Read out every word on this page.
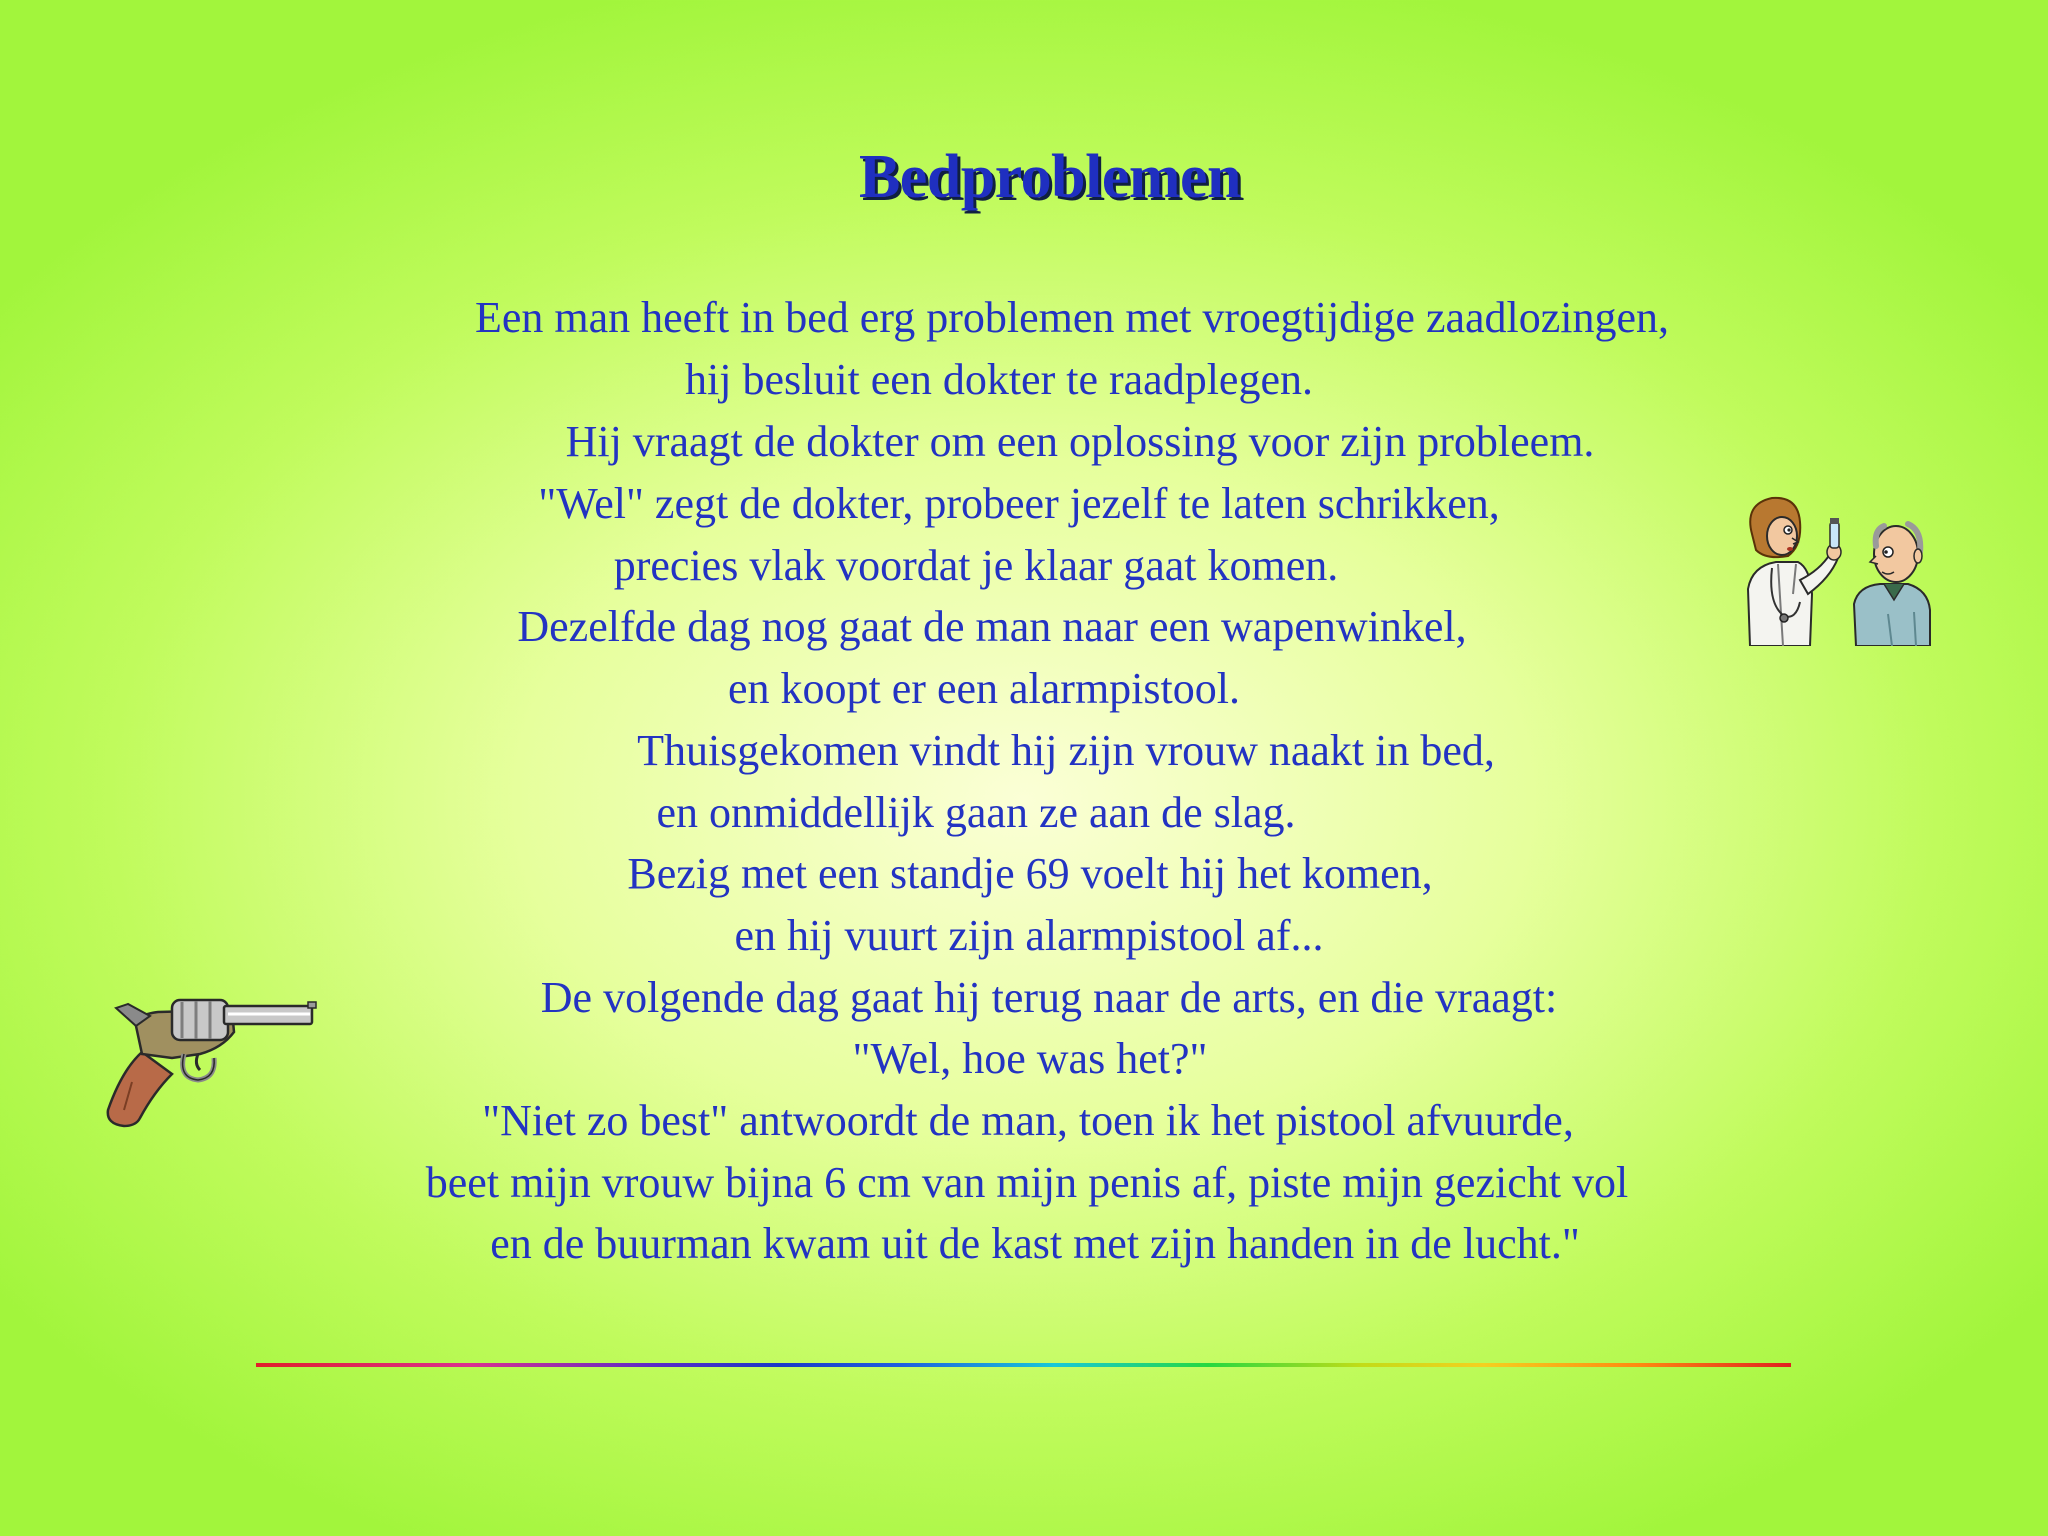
Bedproblemen
Een man heeft in bed erg problemen met vroegtijdige zaadlozingen,
hij besluit een dokter te raadplegen.
Hij vraagt de dokter om een oplossing voor zijn probleem.
"Wel" zegt de dokter, probeer jezelf te laten schrikken,
precies vlak voordat je klaar gaat komen.
Dezelfde dag nog gaat de man naar een wapenwinkel,
en koopt er een alarmpistool.
Thuisgekomen vindt hij zijn vrouw naakt in bed,
en onmiddellijk gaan ze aan de slag.
Bezig met een standje 69 voelt hij het komen,
en hij vuurt zijn alarmpistool af...
De volgende dag gaat hij terug naar de arts, en die vraagt:
"Wel, hoe was het?"
"Niet zo best" antwoordt de man, toen ik het pistool afvuurde,
beet mijn vrouw bijna 6 cm van mijn penis af, piste mijn gezicht vol
en de buurman kwam uit de kast met zijn handen in de lucht."
